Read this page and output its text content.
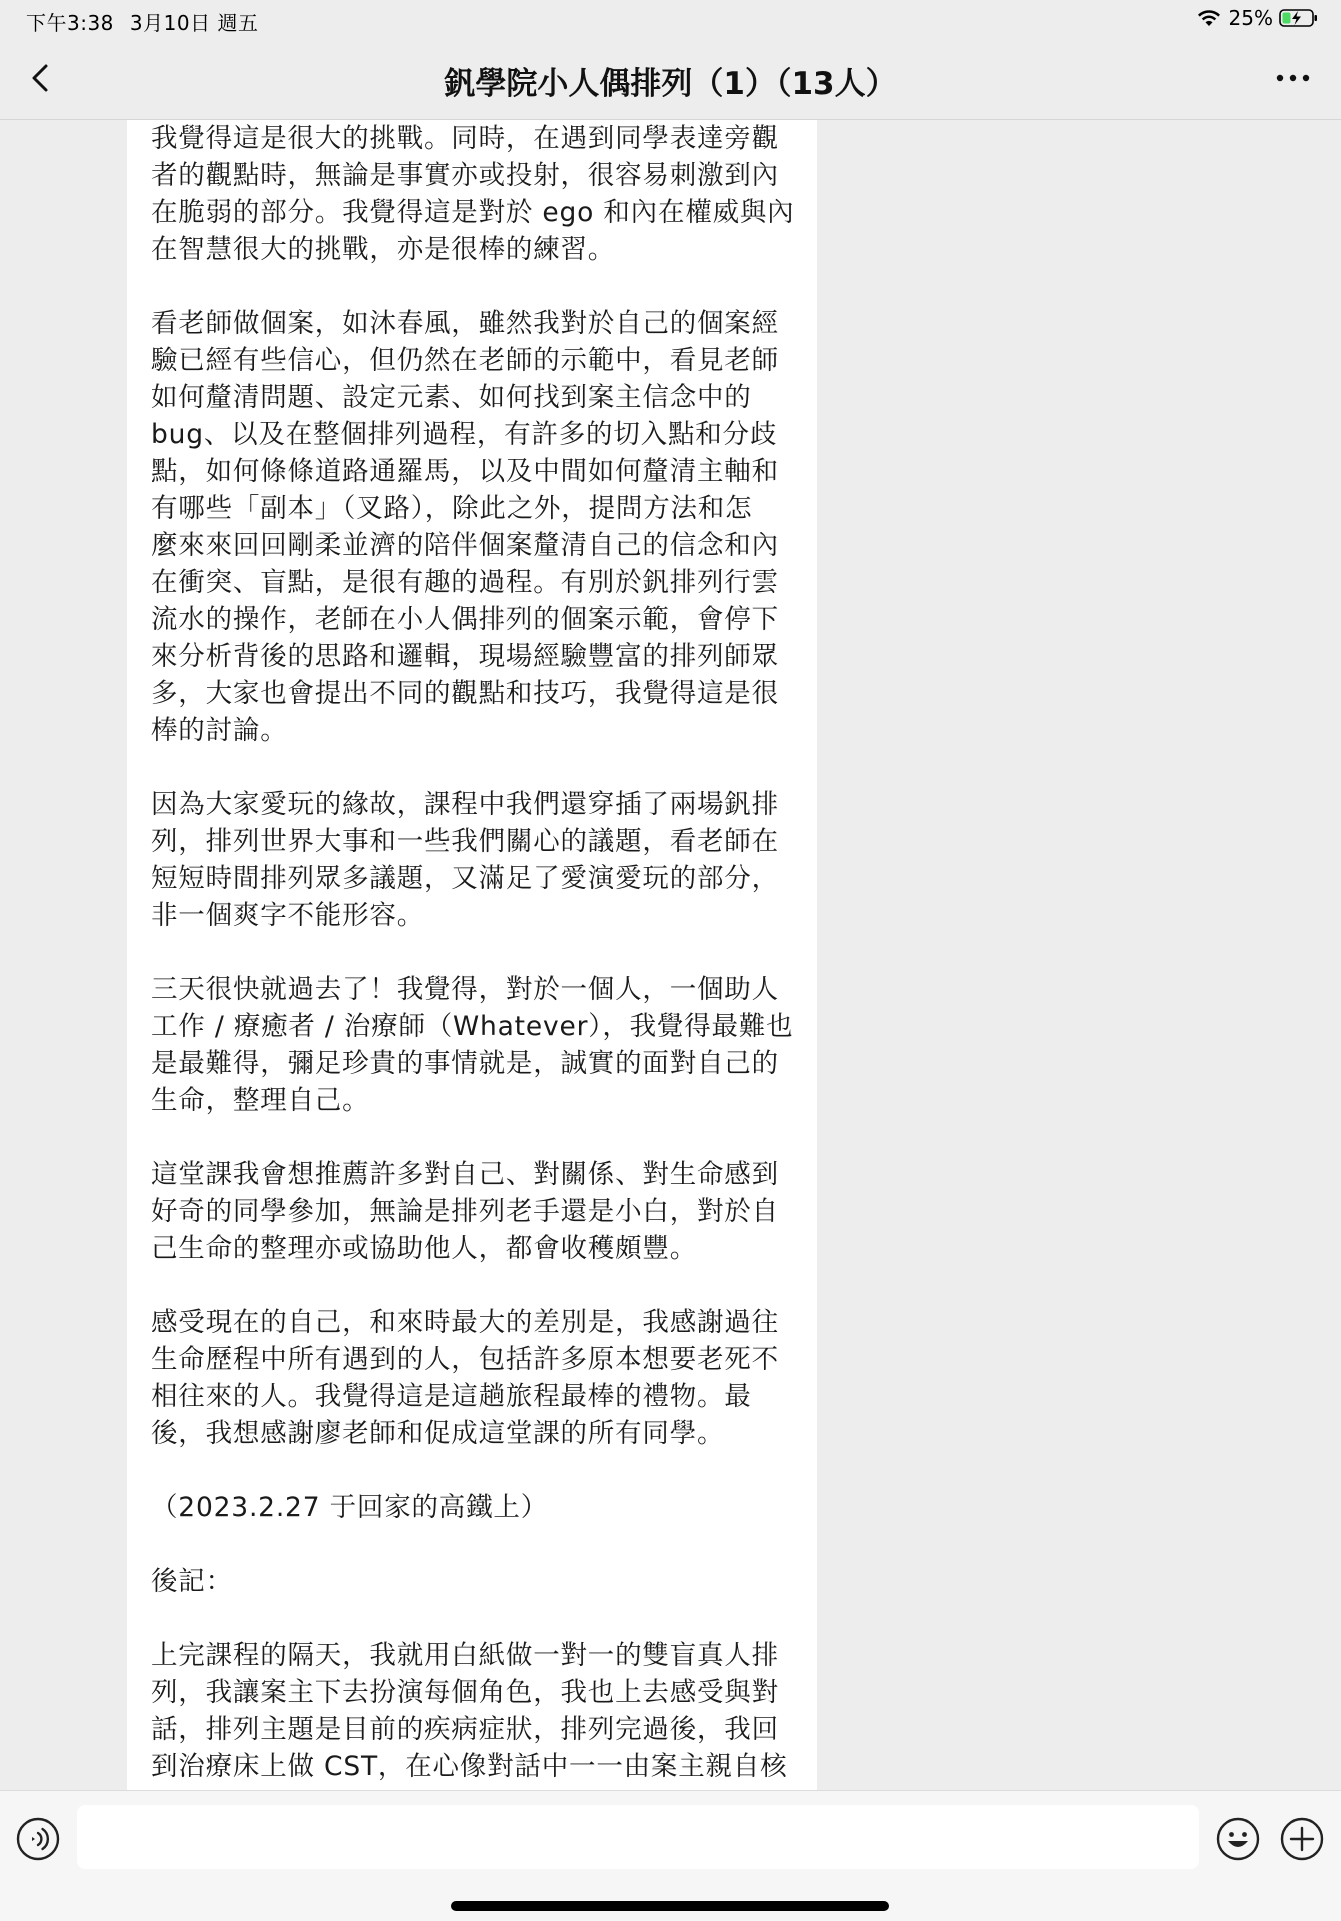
下午3:38 3月10日 週五	25%
釩學院小人偶排列（1）（13人）
我覺得這是很大的挑戰。同時，在遇到同學表達旁觀
者的觀點時，無論是事實亦或投射，很容易刺激到內
在脆弱的部分。我覺得這是對於 ego 和內在權威與內
在智慧很大的挑戰，亦是很棒的練習。
看老師做個案，如沐春風，雖然我對於自己的個案經
驗已經有些信心，但仍然在老師的示範中，看見老師
如何釐清問題、設定元素、如何找到案主信念中的
bug、以及在整個排列過程，有許多的切入點和分歧
點，如何條條道路通羅馬，以及中間如何釐清主軸和
有哪些「副本」（叉路），除此之外，提問方法和怎
麼來來回回剛柔並濟的陪伴個案釐清自己的信念和內
在衝突、盲點，是很有趣的過程。有別於釩排列行雲
流水的操作，老師在小人偶排列的個案示範，會停下
來分析背後的思路和邏輯，現場經驗豐富的排列師眾
多，大家也會提出不同的觀點和技巧，我覺得這是很
棒的討論。
因為大家愛玩的緣故，課程中我們還穿插了兩場釩排
列，排列世界大事和一些我們關心的議題，看老師在
短短時間排列眾多議題，又滿足了愛演愛玩的部分，
非一個爽字不能形容。
三天很快就過去了！我覺得，對於一個人，一個助人
工作 / 療癒者 / 治療師（Whatever），我覺得最難也
是最難得，彌足珍貴的事情就是，誠實的面對自己的
生命，整理自己。
這堂課我會想推薦許多對自己、對關係、對生命感到
好奇的同學參加，無論是排列老手還是小白，對於自
己生命的整理亦或協助他人，都會收穫頗豐。
感受現在的自己，和來時最大的差別是，我感謝過往
生命歷程中所有遇到的人，包括許多原本想要老死不
相往來的人。我覺得這是這趟旅程最棒的禮物。最
後，我想感謝廖老師和促成這堂課的所有同學。
（2023.2.27 于回家的高鐵上）
後記：
上完課程的隔天，我就用白紙做一對一的雙盲真人排
列，我讓案主下去扮演每個角色，我也上去感受與對
話，排列主題是目前的疾病症狀，排列完過後，我回
到治療床上做 CST，在心像對話中一一由案主親自核
